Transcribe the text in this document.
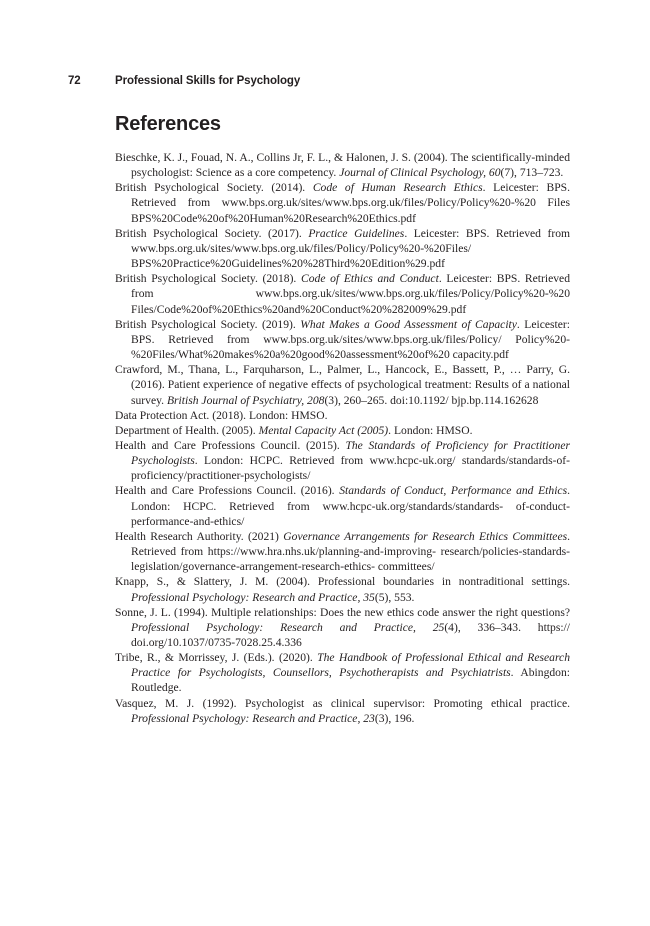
72	Professional Skills for Psychology
References
Bieschke, K. J., Fouad, N. A., Collins Jr, F. L., & Halonen, J. S. (2004). The scientifically-minded psychologist: Science as a core competency. Journal of Clinical Psychology, 60(7), 713–723.
British Psychological Society. (2014). Code of Human Research Ethics. Leicester: BPS. Retrieved from www.bps.org.uk/sites/www.bps.org.uk/files/Policy/Policy%20-%20 Files BPS%20Code%20of%20Human%20Research%20Ethics.pdf
British Psychological Society. (2017). Practice Guidelines. Leicester: BPS. Retrieved from www.bps.org.uk/sites/www.bps.org.uk/files/Policy/Policy%20-%20Files/ BPS%20Practice%20Guidelines%20%28Third%20Edition%29.pdf
British Psychological Society. (2018). Code of Ethics and Conduct. Leicester: BPS. Retrieved from www.bps.org.uk/sites/www.bps.org.uk/files/Policy/Policy%20-%20 Files/Code%20of%20Ethics%20and%20Conduct%20%282009%29.pdf
British Psychological Society. (2019). What Makes a Good Assessment of Capacity. Leicester: BPS. Retrieved from www.bps.org.uk/sites/www.bps.org.uk/files/Policy/ Policy%20-%20Files/What%20makes%20a%20good%20assessment%20of%20 capacity.pdf
Crawford, M., Thana, L., Farquharson, L., Palmer, L., Hancock, E., Bassett, P., … Parry, G. (2016). Patient experience of negative effects of psychological treatment: Results of a national survey. British Journal of Psychiatry, 208(3), 260–265. doi:10.1192/ bjp.bp.114.162628
Data Protection Act. (2018). London: HMSO.
Department of Health. (2005). Mental Capacity Act (2005). London: HMSO.
Health and Care Professions Council. (2015). The Standards of Proficiency for Practitioner Psychologists. London: HCPC. Retrieved from www.hcpc-uk.org/ standards/standards-of-proficiency/practitioner-psychologists/
Health and Care Professions Council. (2016). Standards of Conduct, Performance and Ethics. London: HCPC. Retrieved from www.hcpc-uk.org/standards/standards- of-conduct-performance-and-ethics/
Health Research Authority. (2021) Governance Arrangements for Research Ethics Committees. Retrieved from https://www.hra.nhs.uk/planning-and-improving- research/policies-standards-legislation/governance-arrangement-research-ethics- committees/
Knapp, S., & Slattery, J. M. (2004). Professional boundaries in nontraditional settings. Professional Psychology: Research and Practice, 35(5), 553.
Sonne, J. L. (1994). Multiple relationships: Does the new ethics code answer the right questions? Professional Psychology: Research and Practice, 25(4), 336–343. https:// doi.org/10.1037/0735-7028.25.4.336
Tribe, R., & Morrissey, J. (Eds.). (2020). The Handbook of Professional Ethical and Research Practice for Psychologists, Counsellors, Psychotherapists and Psychiatrists. Abingdon: Routledge.
Vasquez, M. J. (1992). Psychologist as clinical supervisor: Promoting ethical practice. Professional Psychology: Research and Practice, 23(3), 196.
